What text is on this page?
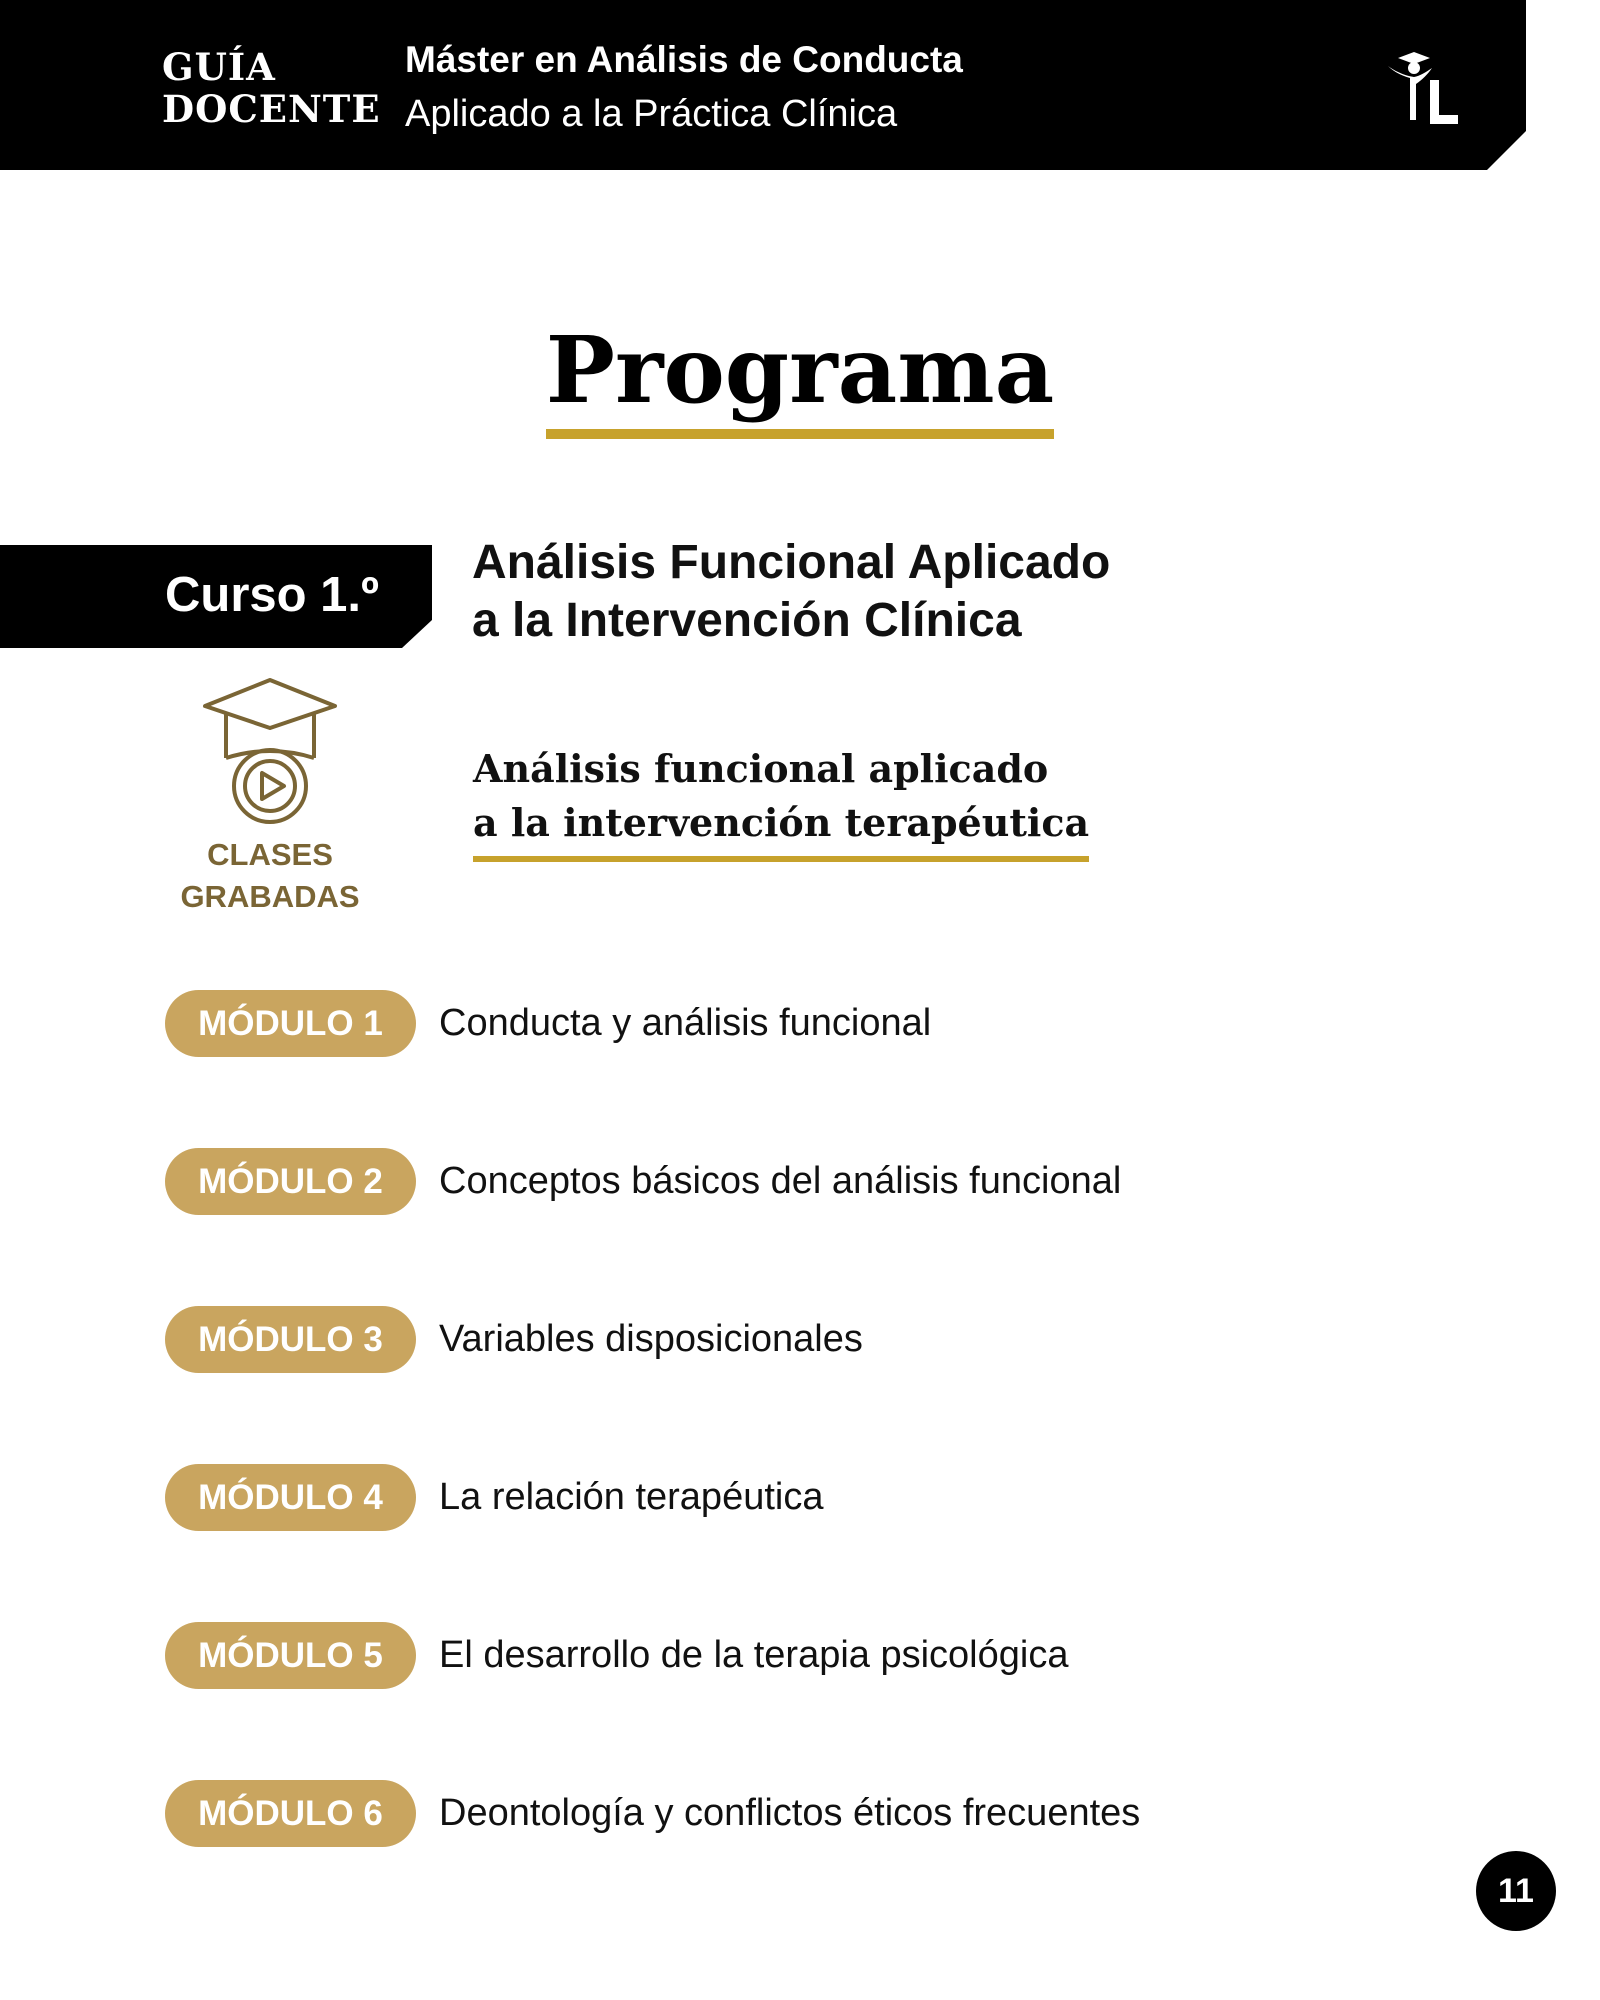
GUÍA
DOCENTE
Máster en Análisis de Conducta
Aplicado a la Práctica Clínica
Programa
Curso 1.º
Análisis Funcional Aplicado
a la Intervención Clínica
CLASES
GRABADAS
Análisis funcional aplicado
a la intervención terapéutica
MÓDULO 1	Conducta y análisis funcional
MÓDULO 2	Conceptos básicos del análisis funcional
MÓDULO 3	Variables disposicionales
MÓDULO 4	La relación terapéutica
MÓDULO 5	El desarrollo de la terapia psicológica
MÓDULO 6	Deontología y conflictos éticos frecuentes
11
